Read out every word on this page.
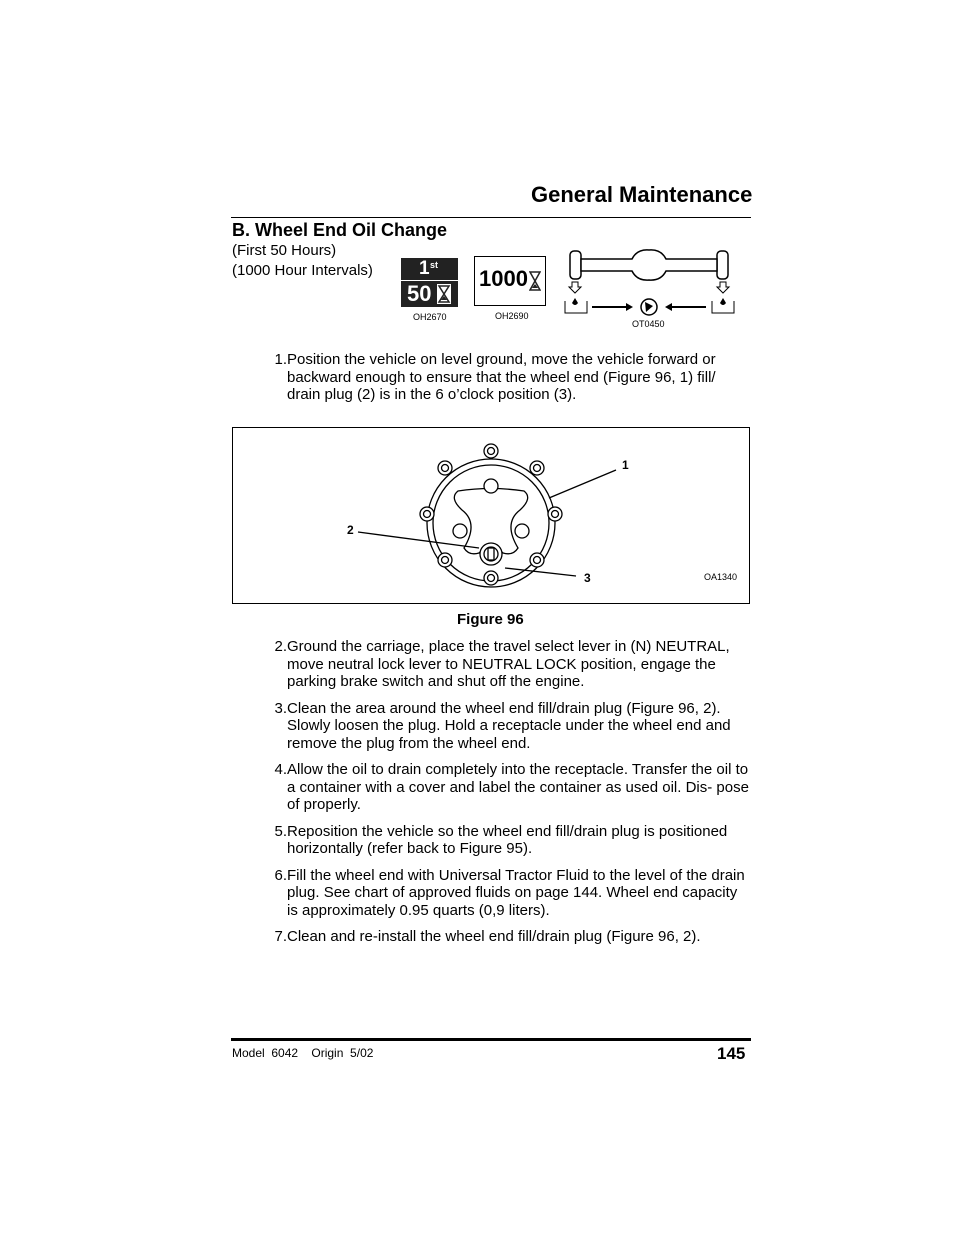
General Maintenance
B. Wheel End Oil Change
(First 50 Hours)
(1000 Hour Intervals) 1 st
50
OH2670
1000
OH2690
OT0450
1. Position the vehicle on level ground, move the vehicle forward or backward enough to ensure that the wheel end (Figure 96, 1) fill/ drain plug (2) is in the 6 o’clock position (3).
1
2
3	OA1340
Figure 96
2. Ground the carriage, place the travel select lever in (N) NEUTRAL, move neutral lock lever to NEUTRAL LOCK position, engage the parking brake switch and shut off the engine.
3. Clean the area around the wheel end fill/drain plug (Figure 96, 2). Slowly loosen the plug. Hold a receptacle under the wheel end and remove the plug from the wheel end.
4. Allow the oil to drain completely into the receptacle. Transfer the oil to a container with a cover and label the container as used oil. Dis- pose of properly.
5. Reposition the vehicle so the wheel end fill/drain plug is positioned horizontally (refer back to Figure 95).
6. Fill the wheel end with Universal Tractor Fluid to the level of the drain plug. See chart of approved fluids on page 144. Wheel end capacity is approximately 0.95 quarts (0,9 liters).
7. Clean and re-install the wheel end fill/drain plug (Figure 96, 2).
Model  6042    Origin  5/02	145
